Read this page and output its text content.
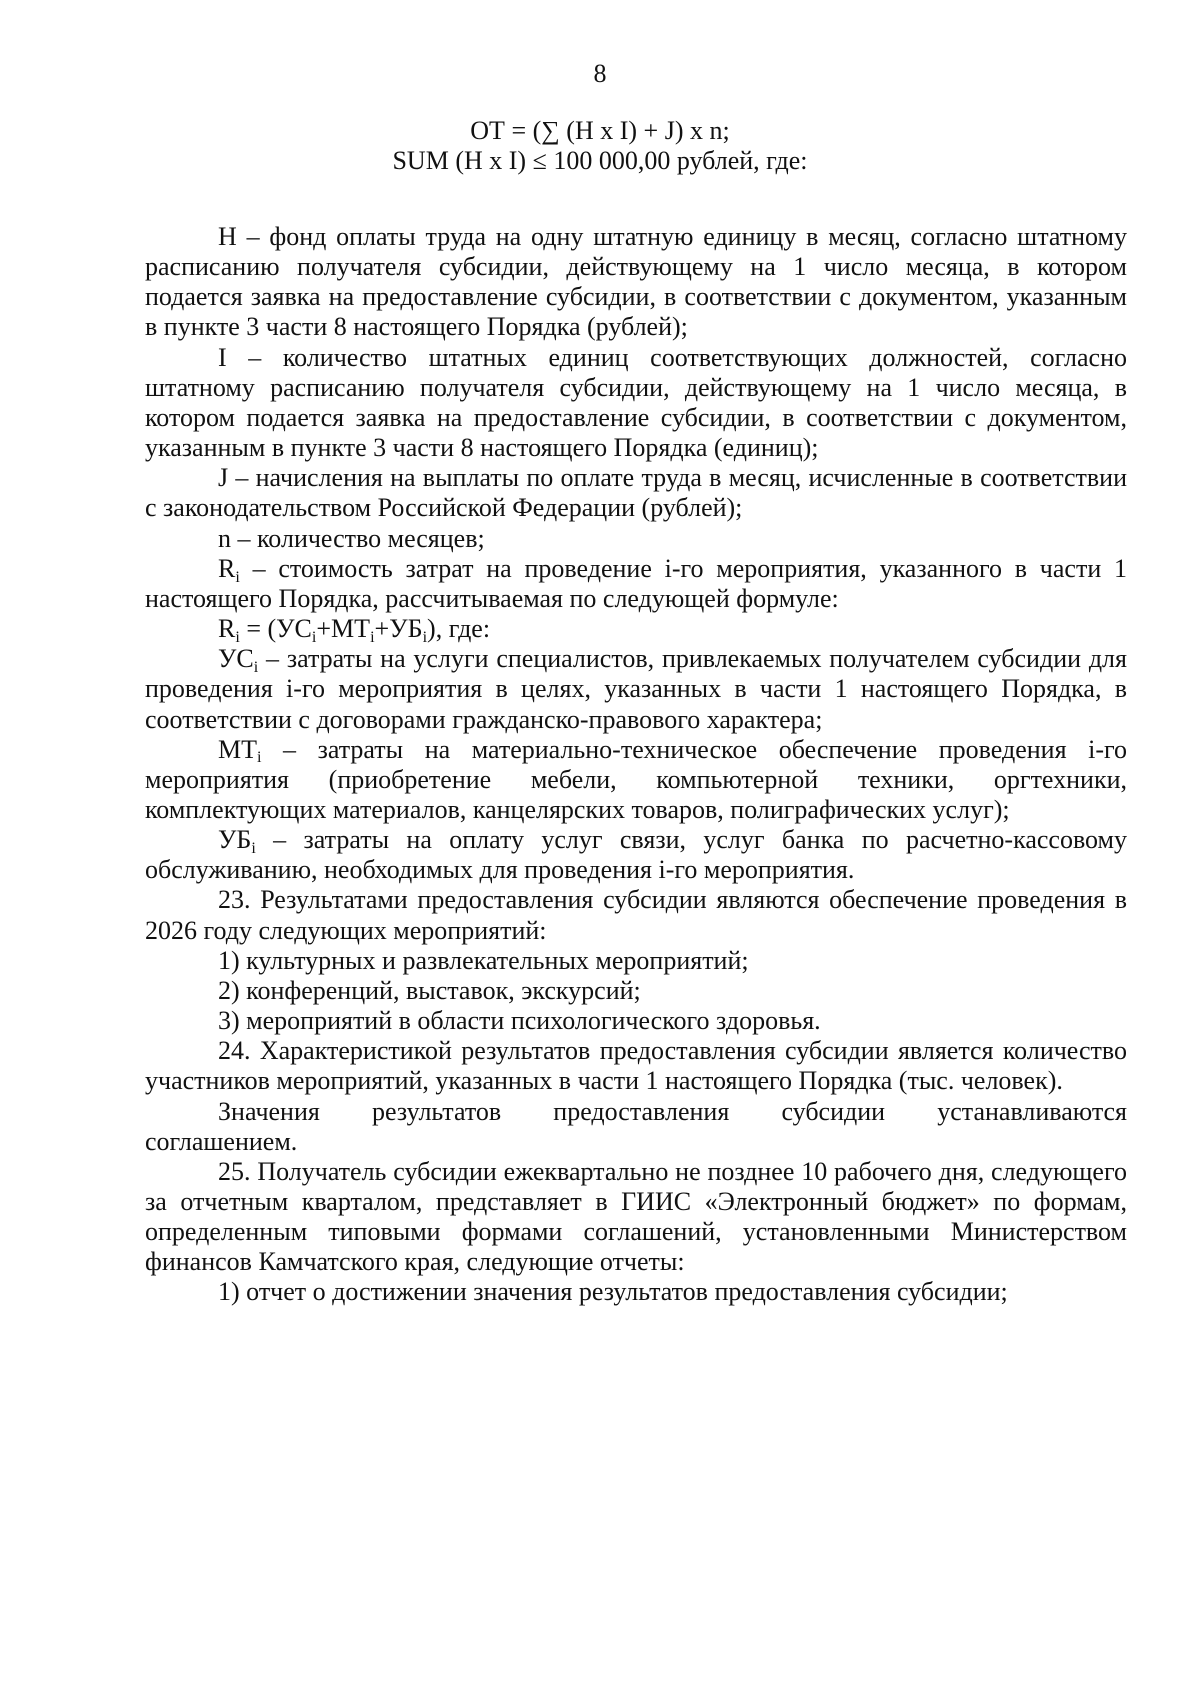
8
ОТ = (∑ (H х I) + J) х n;
SUM (H х I) ≤ 100 000,00 рублей, где:

H – фонд оплаты труда на одну штатную единицу в месяц, согласно штатному расписанию получателя субсидии, действующему на 1 число месяца, в котором подается заявка на предоставление субсидии, в соответствии с документом, указанным в пункте 3 части 8 настоящего Порядка (рублей);

I – количество штатных единиц соответствующих должностей, согласно штатному расписанию получателя субсидии, действующему на 1 число месяца, в котором подается заявка на предоставление субсидии, в соответствии с документом, указанным в пункте 3 части 8 настоящего Порядка (единиц);

J – начисления на выплаты по оплате труда в месяц, исчисленные в соответствии с законодательством Российской Федерации (рублей);

n – количество месяцев;

$R_i$ – стоимость затрат на проведение i-го мероприятия, указанного в части 1 настоящего Порядка, рассчитываемая по следующей формуле:

$R_i = (УС_i+МТ_i+УБ_i)$, где:

$УС_i$ – затраты на услуги специалистов, привлекаемых получателем субсидии для проведения i-го мероприятия в целях, указанных в части 1 настоящего Порядка, в соответствии с договорами гражданско-правового характера;

$МТ_i$ – затраты на материально-техническое обеспечение проведения i-го мероприятия (приобретение мебели, компьютерной техники, оргтехники, комплектующих материалов, канцелярских товаров, полиграфических услуг);

$УБ_i$ – затраты на оплату услуг связи, услуг банка по расчетно-кассовому обслуживанию, необходимых для проведения i-го мероприятия.

23. Результатами предоставления субсидии являются обеспечение проведения в 2026 году следующих мероприятий:

1) культурных и развлекательных мероприятий;

2) конференций, выставок, экскурсий;

3) мероприятий в области психологического здоровья.

24. Характеристикой результатов предоставления субсидии является количество участников мероприятий, указанных в части 1 настоящего Порядка (тыс. человек).

Значения результатов предоставления субсидии устанавливаются

соглашением.

25. Получатель субсидии ежеквартально не позднее 10 рабочего дня, следующего за отчетным кварталом, представляет в ГИИС «Электронный бюджет» по формам, определенным типовыми формами соглашений, установленными Министерством финансов Камчатского края, следующие отчеты:

1) отчет о достижении значения результатов предоставления субсидии;
